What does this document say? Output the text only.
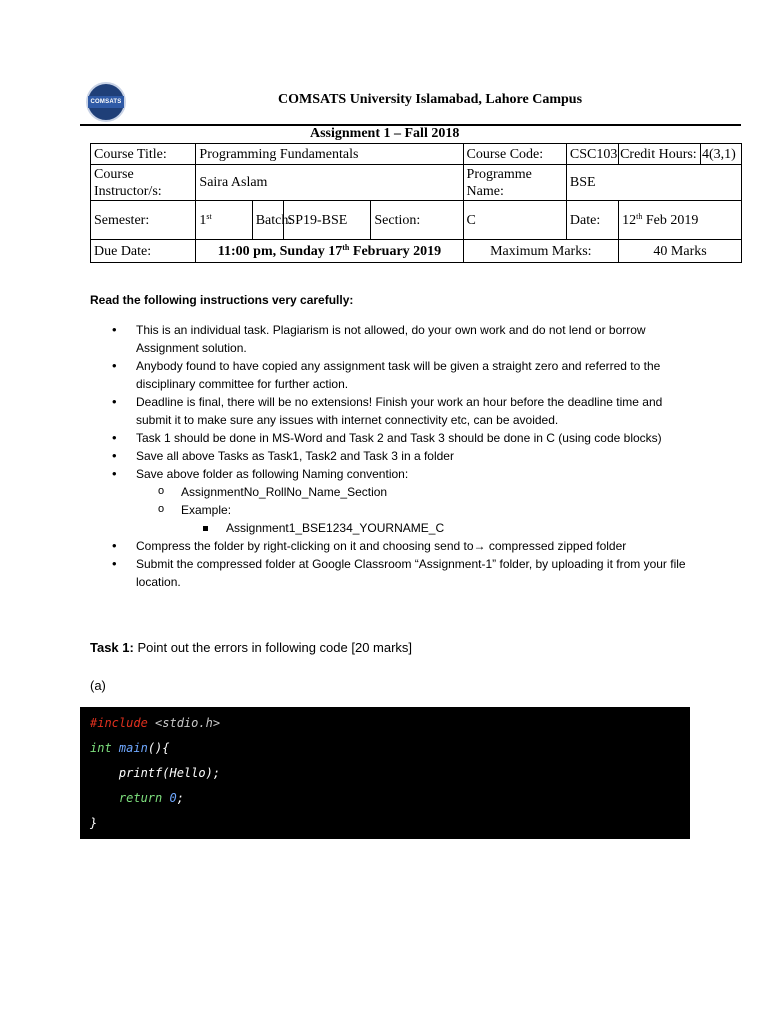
COMSATS	COMSATS University Islamabad, Lahore Campus
Assignment 1 – Fall 2018
Course Title:	Programming Fundamentals				Course Code:	CSC103	Credit Hours:	4(3,1)
Course Instructor/s:	Saira Aslam				Programme Name:	BSE		
Semester:	1st	Batch:	SP19-BSE	Section:	C	Date:	12th Feb 2019	
Due Date:	11:00 pm, Sunday 17th February 2019				Maximum Marks:		40 Marks	
Read the following instructions very carefully:
• This is an individual task. Plagiarism is not allowed, do your own work and do not lend or borrow Assignment solution.
• Anybody found to have copied any assignment task will be given a straight zero and referred to the disciplinary committee for further action.
• Deadline is final, there will be no extensions! Finish your work an hour before the deadline time and submit it to make sure any issues with internet connectivity etc, can be avoided.
• Task 1 should be done in MS-Word and Task 2 and Task 3 should be done in C (using code blocks)
• Save all above Tasks as Task1, Task2 and Task 3 in a folder
• Save above folder as following Naming convention:
o AssignmentNo_RollNo_Name_Section
o Example:
Assignment1_BSE1234_YOURNAME_C
• Compress the folder by right-clicking on it and choosing send to→ compressed zipped folder
• Submit the compressed folder at Google Classroom “Assignment-1” folder, by uploading it from your file location.
Task 1: Point out the errors in following code [20 marks]
(a)
#include <stdio.h>
int main(){
printf(Hello);
return 0;
}
